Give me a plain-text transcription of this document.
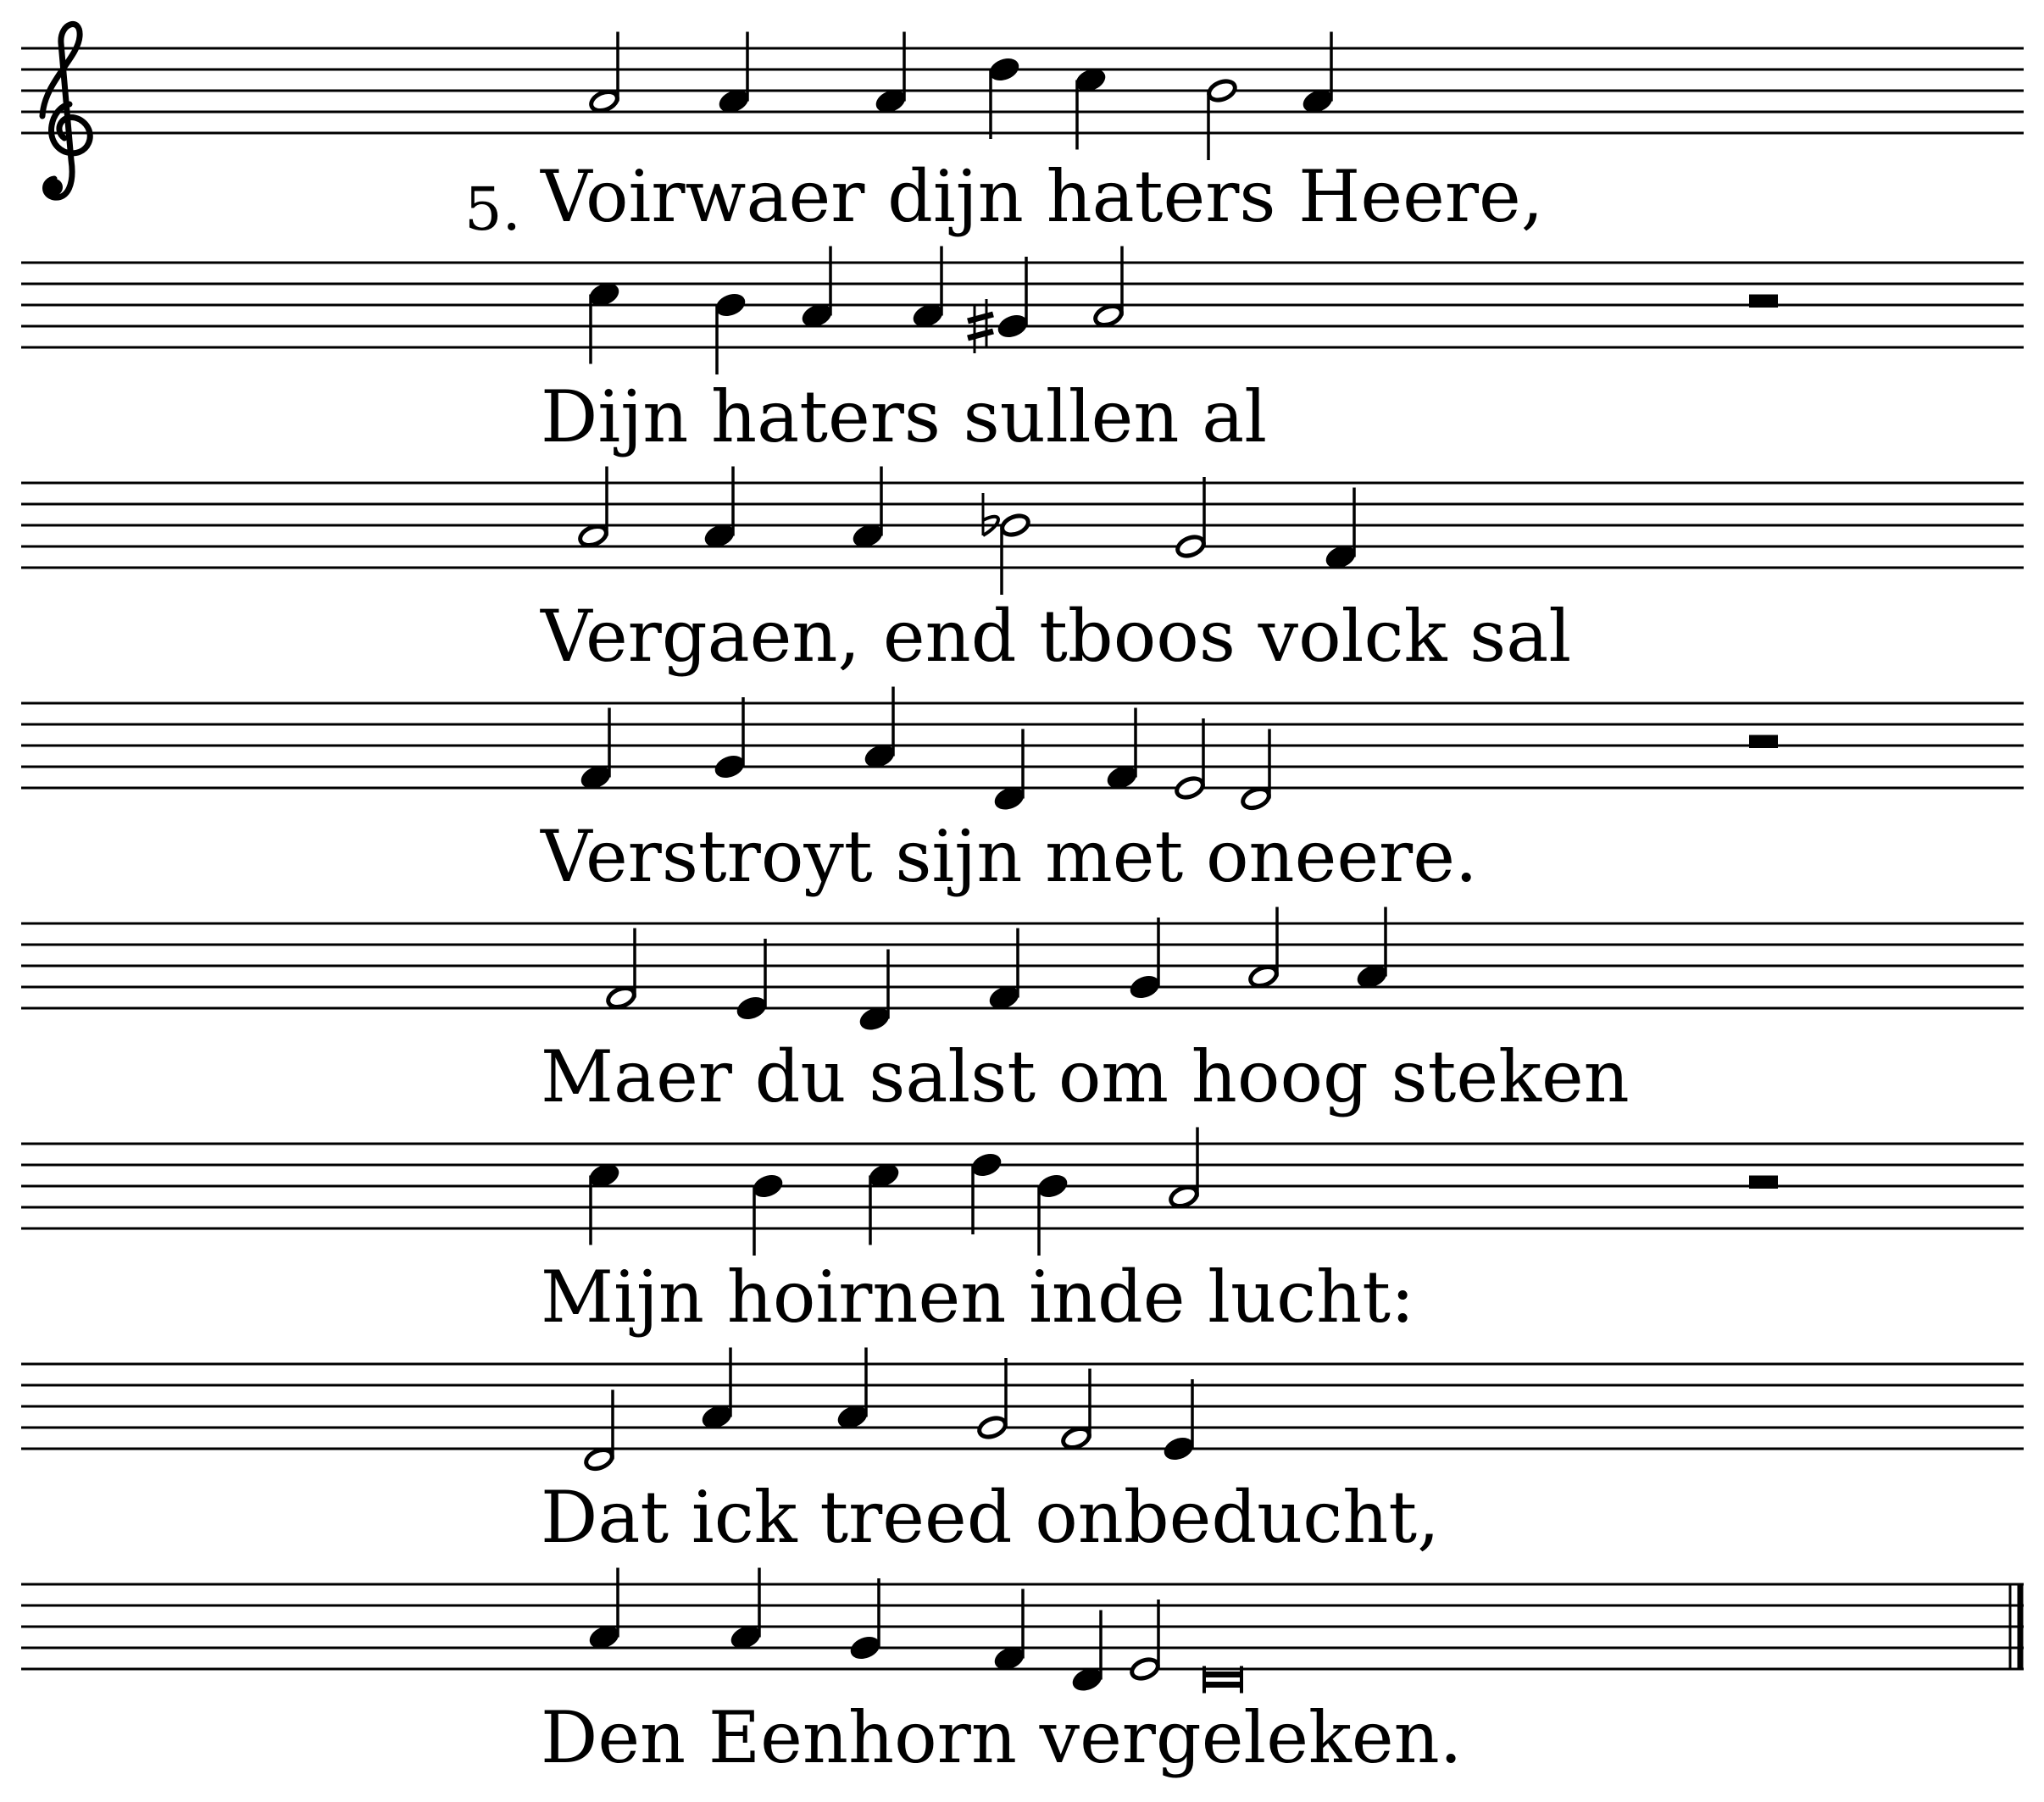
5. Voirwaer dijn haters Heere,
Dijn haters sullen al
Vergaen, end tboos volck sal
Verstroyt sijn met oneere.
Maer du salst om hoog steken
Mijn hoirnen inde lucht:
Dat ick treed onbeducht,
Den Eenhorn vergeleken.
